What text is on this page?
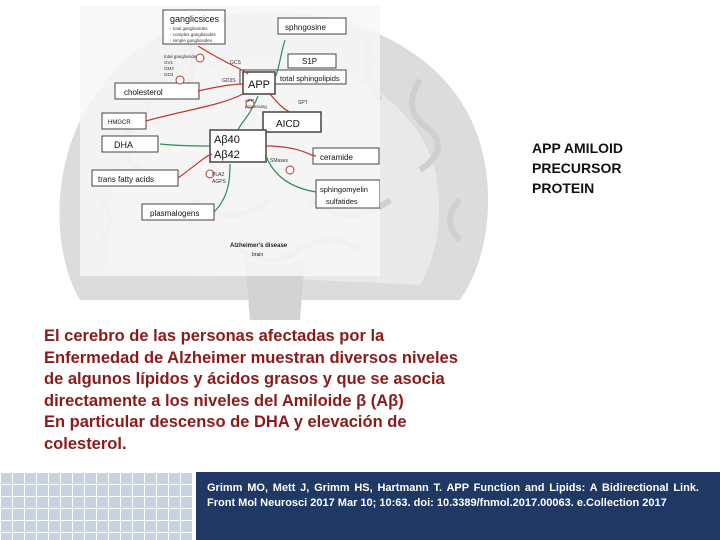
ganglicsices
- total gangliosides
- complex gangliosides
- simple gangliosides
sphngosine
S1P
total sphingolipids
APP
APP
processing
cholesterol
AICD
HMGCR
Aβ40
Aβ42
DHA
ceramide
trans fatty acids
sphingomyelin
sulfatides
plasmalogens
GD3S
GCS
SPT
SMases
PLA2
AGPS
total ganglioside
GV1
GM3
GD3
Alzheimer's disease
brain
APP AMILOID
PRECURSOR
PROTEIN
El cerebro de las personas afectadas por la
Enfermedad de Alzheimer muestran diversos niveles
de algunos lípidos y ácidos grasos y que se asocia
directamente a los niveles del Amiloide β (Aβ)
En particular descenso de DHA y elevación de
colesterol.
Grimm MO, Mett J, Grimm HS, Hartmann T. APP Function and Lipids: A Bidirectional Link. Front Mol Neurosci 2017 Mar 10; 10:63. doi: 10.3389/fnmol.2017.00063. e.Collection 2017
